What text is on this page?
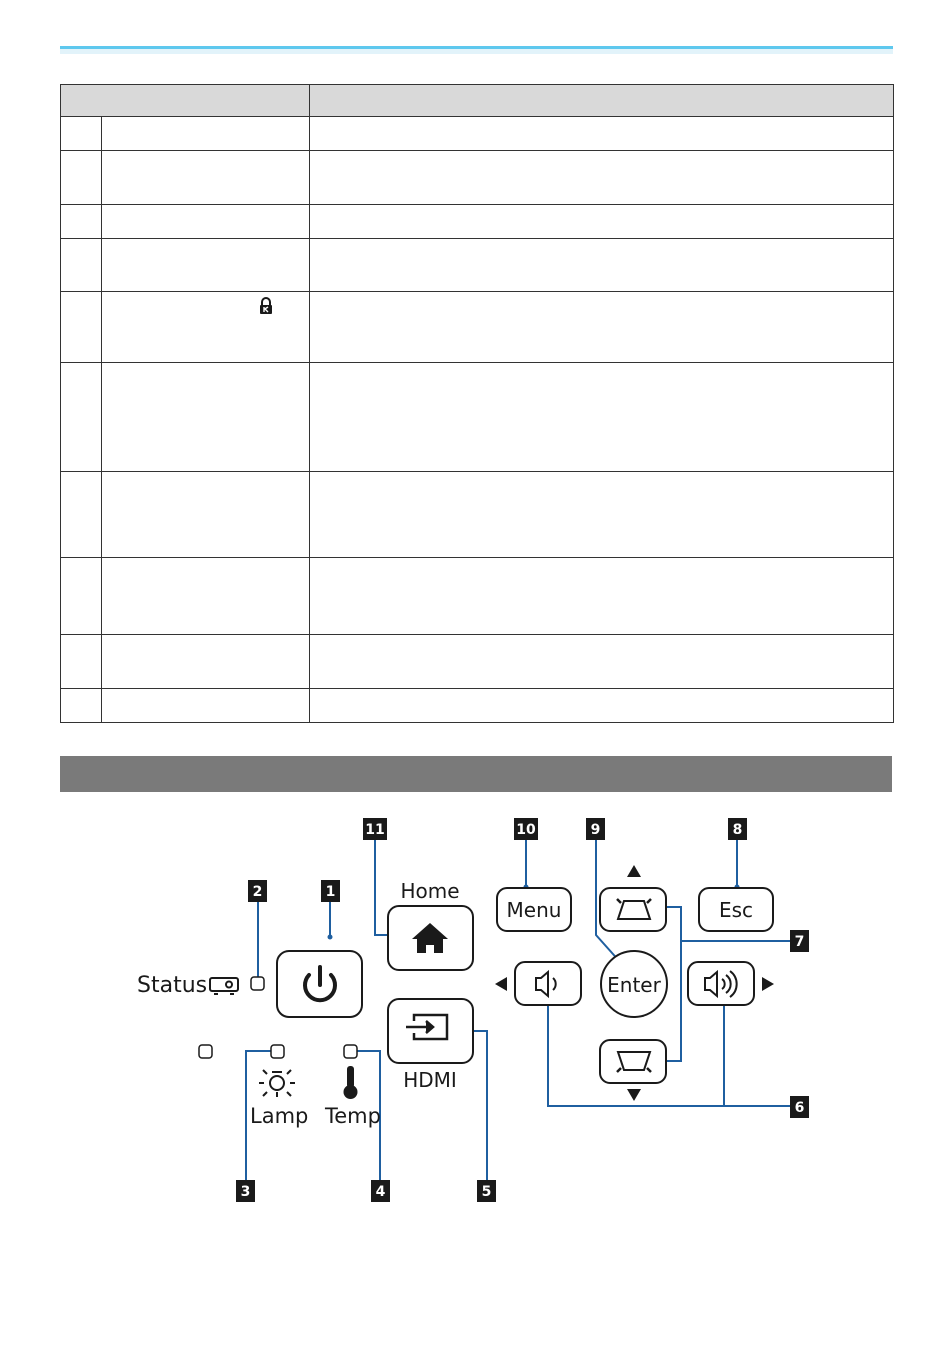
1
2
3	4	5
6
7
8
9
10
11
Status
Lamp Temp
Home
HDMI
Menu	Esc
Enter
